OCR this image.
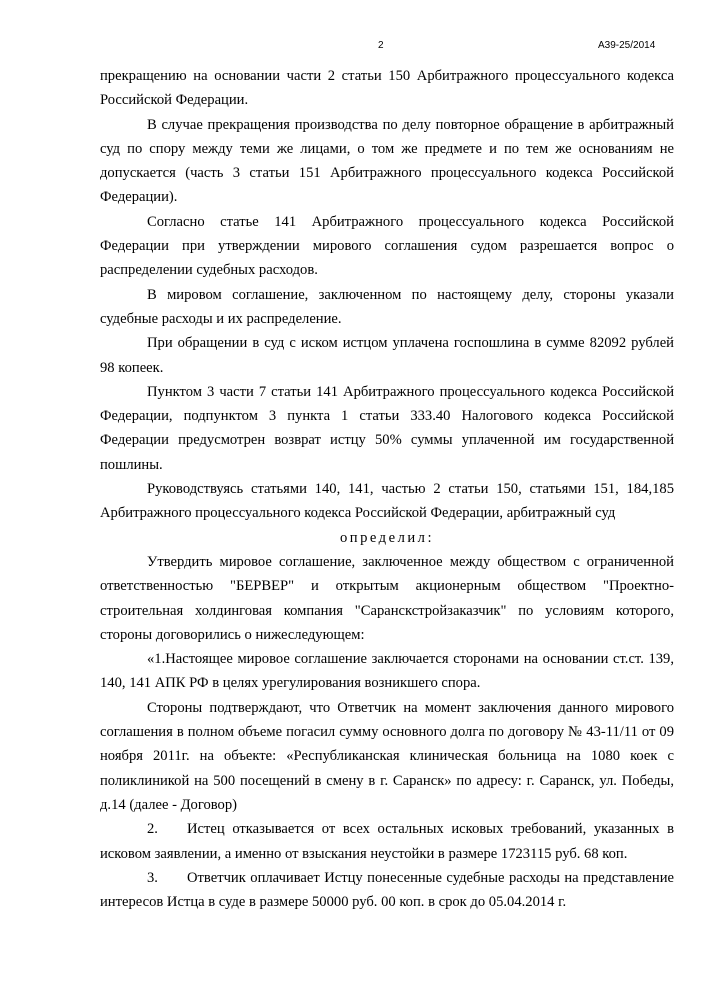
2	А39-25/2014

прекращению на основании части 2 статьи 150 Арбитражного процессуального кодекса Российской Федерации.

В случае прекращения производства по делу повторное обращение в арбитражный суд по спору между теми же лицами, о том же предмете и по тем же основаниям не допускается (часть 3 статьи 151 Арбитражного процессуального кодекса Российской Федерации).

Согласно статье 141 Арбитражного процессуального кодекса Российской Федерации при утверждении мирового соглашения судом разрешается вопрос о распределении судебных расходов.

В мировом соглашение, заключенном по настоящему делу, стороны указали судебные расходы и их распределение.

При обращении в суд с иском истцом уплачена госпошлина в сумме 82092 рублей 98 копеек.

Пунктом 3 части 7 статьи 141 Арбитражного процессуального кодекса Российской Федерации, подпунктом 3 пункта 1 статьи 333.40 Налогового кодекса Российской Федерации предусмотрен возврат истцу 50% суммы уплаченной им государственной пошлины.

Руководствуясь статьями 140, 141, частью 2 статьи 150, статьями 151, 184,185 Арбитражного процессуального кодекса Российской Федерации, арбитражный суд

определил:

Утвердить мировое соглашение, заключенное между обществом с ограниченной ответственностью "БЕРВЕР" и открытым акционерным обществом "Проектно-строительная холдинговая компания "Саранскстройзаказчик" по условиям которого, стороны договорились о нижеследующем:

«1.Настоящее мировое соглашение заключается сторонами на основании ст.ст. 139, 140, 141 АПК РФ в целях урегулирования возникшего спора.

Стороны подтверждают, что Ответчик на момент заключения данного мирового соглашения в полном объеме погасил сумму основного долга по договору № 43-11/11 от 09 ноября 2011г. на объекте: «Республиканская клиническая больница на 1080 коек с поликлиникой на 500 посещений в смену в г. Саранск» по адресу: г. Саранск, ул. Победы, д.14 (далее - Договор)

2. Истец отказывается от всех остальных исковых требований, указанных в исковом заявлении, а именно от взыскания неустойки в размере 1723115 руб. 68 коп.

3. Ответчик оплачивает Истцу понесенные судебные расходы на представление интересов Истца в суде в размере 50000 руб. 00 коп. в срок до 05.04.2014 г.
